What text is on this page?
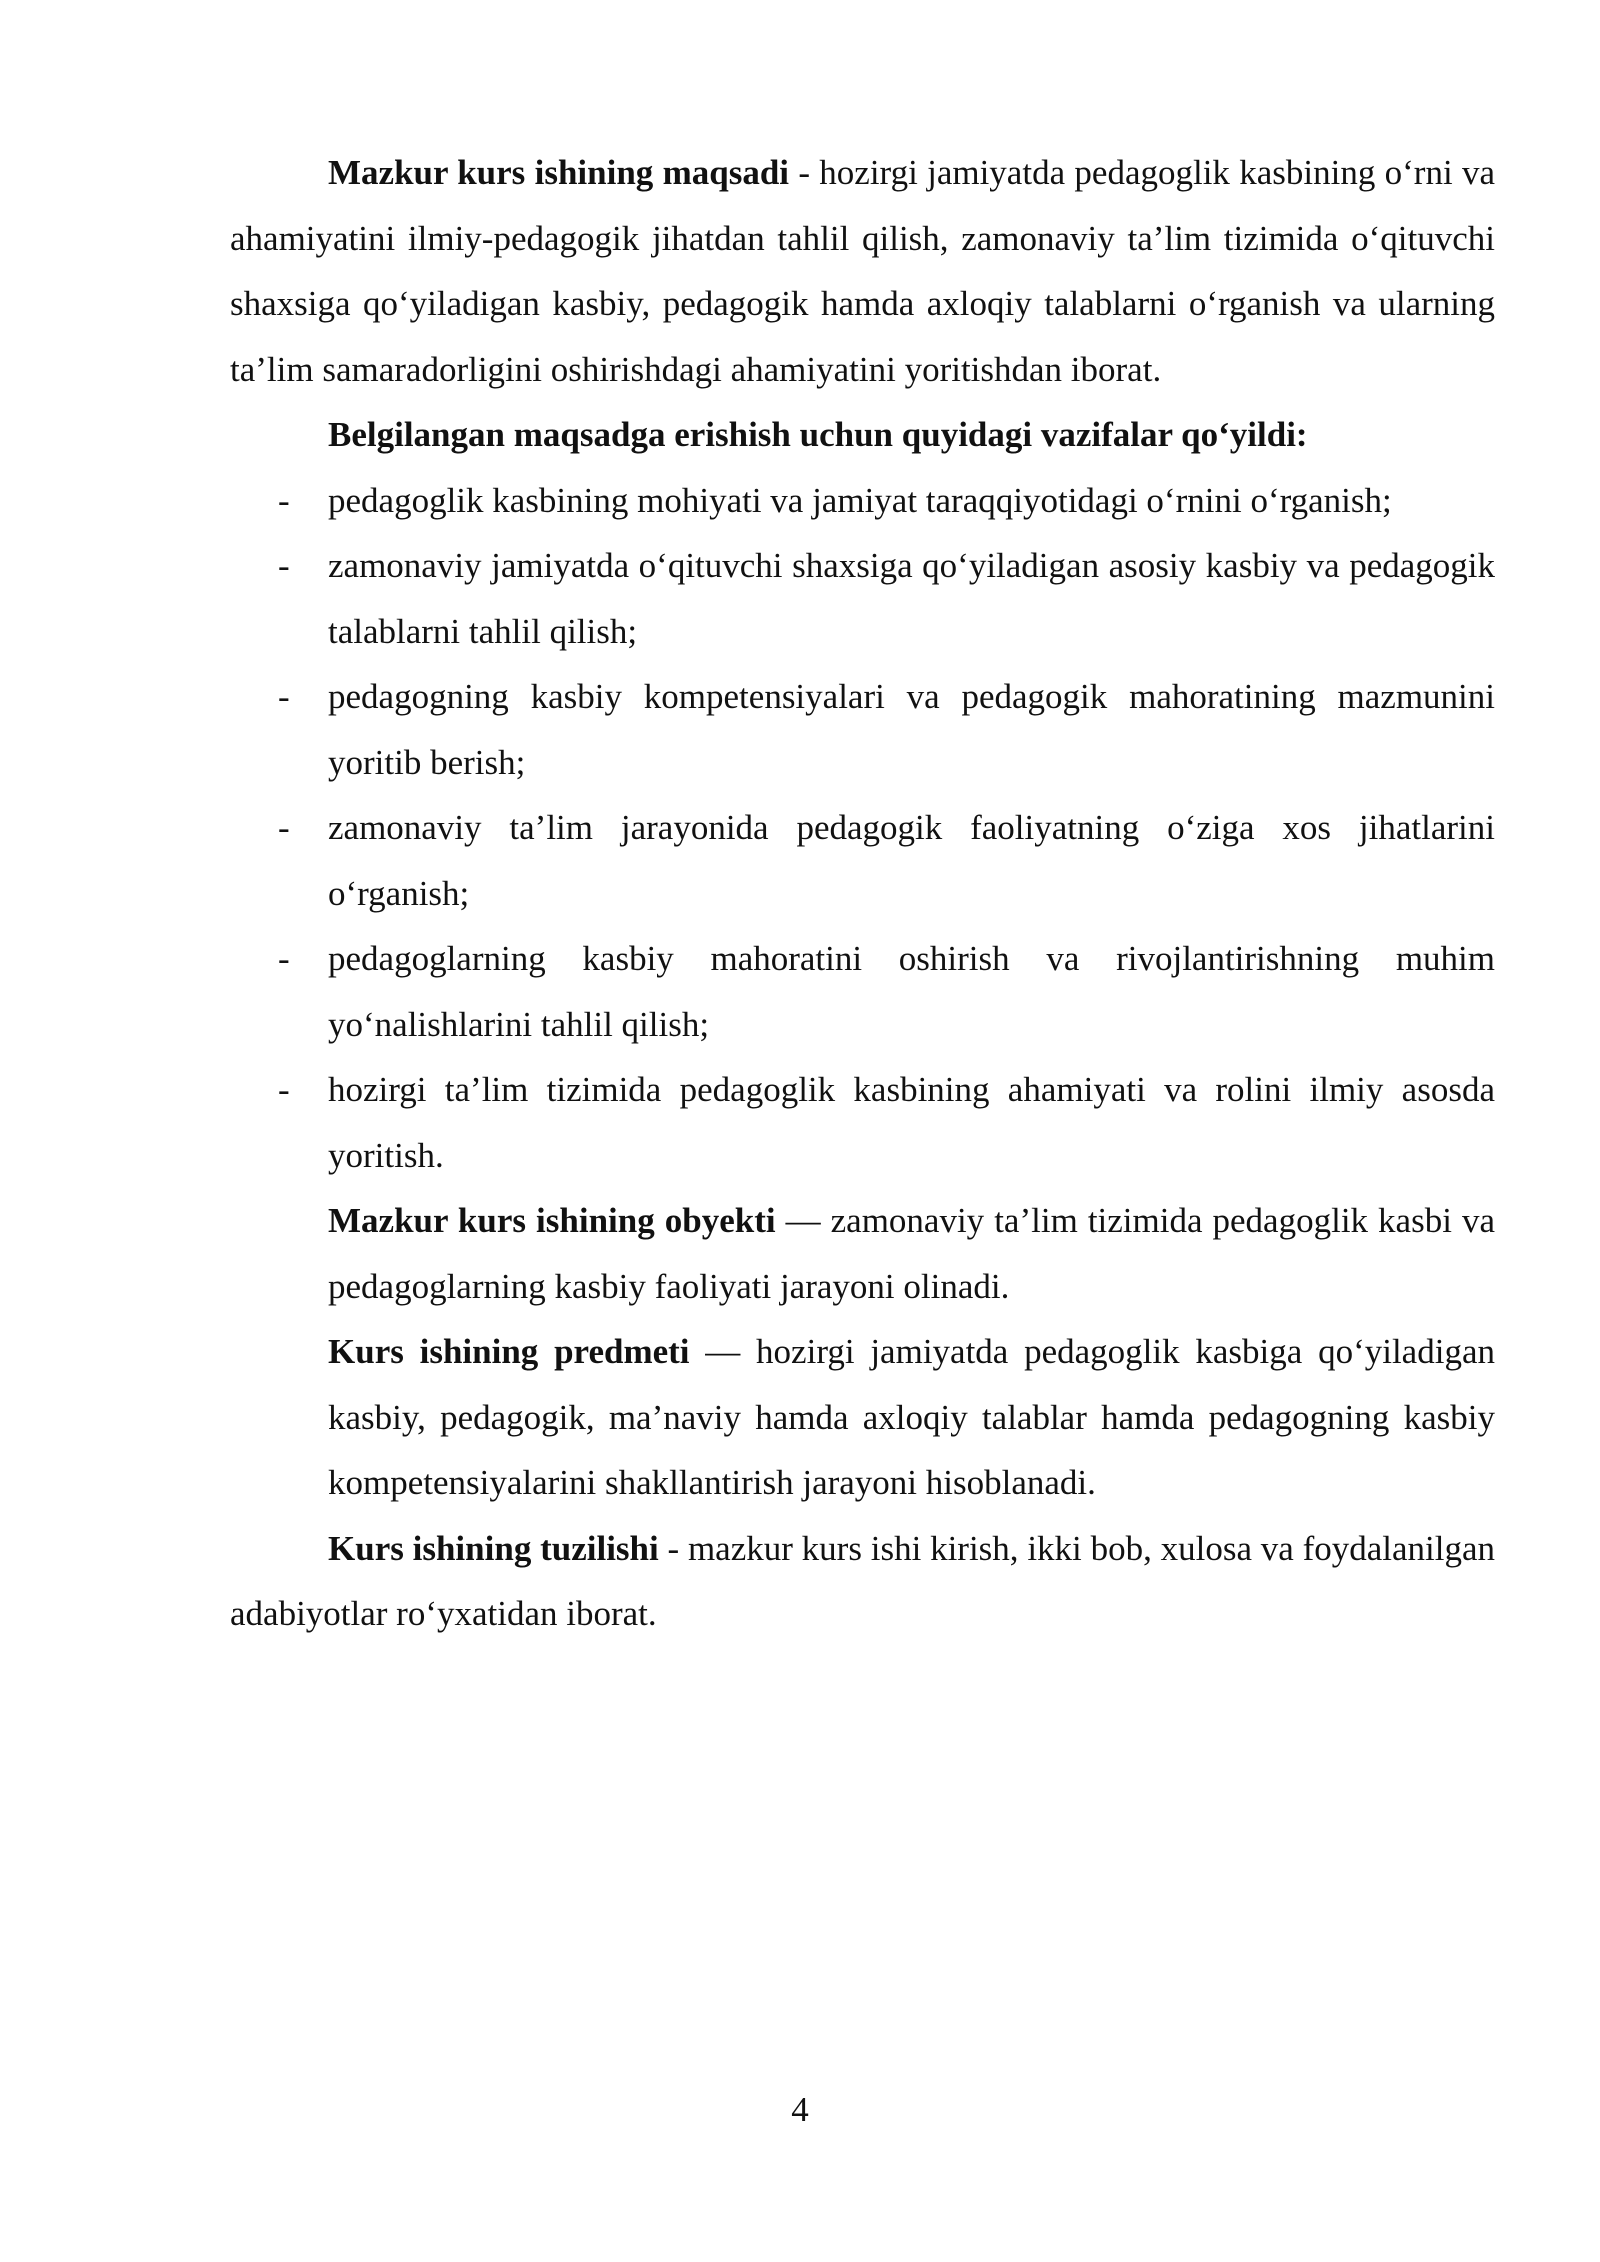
Mazkur kurs ishining maqsadi - hozirgi jamiyatda pedagoglik kasbining o‘rni va ahamiyatini ilmiy-pedagogik jihatdan tahlil qilish, zamonaviy ta’lim tizimida o‘qituvchi shaxsiga qo‘yiladigan kasbiy, pedagogik hamda axloqiy talablarni o‘rganish va ularning ta’lim samaradorligini oshirishdagi ahamiyatini yoritishdan iborat.

Belgilangan maqsadga erishish uchun quyidagi vazifalar qo‘yildi:

- pedagoglik kasbining mohiyati va jamiyat taraqqiyotidagi o‘rnini o‘rganish;
- zamonaviy jamiyatda o‘qituvchi shaxsiga qo‘yiladigan asosiy kasbiy va pedagogik talablarni tahlil qilish;
- pedagogning kasbiy kompetensiyalari va pedagogik mahoratining mazmunini yoritib berish;
- zamonaviy ta’lim jarayonida pedagogik faoliyatning o‘ziga xos jihatlarini o‘rganish;
- pedagoglarning kasbiy mahoratini oshirish va rivojlantirishning muhim yo‘nalishlarini tahlil qilish;
- hozirgi ta’lim tizimida pedagoglik kasbining ahamiyati va rolini ilmiy asosda yoritish.

Mazkur kurs ishining obyekti — zamonaviy ta’lim tizimida pedagoglik kasbi va pedagoglarning kasbiy faoliyati jarayoni olinadi.

Kurs ishining predmeti — hozirgi jamiyatda pedagoglik kasbiga qo‘yiladigan kasbiy, pedagogik, ma’naviy hamda axloqiy talablar hamda pedagogning kasbiy kompetensiyalarini shakllantirish jarayoni hisoblanadi.

Kurs ishining tuzilishi - mazkur kurs ishi kirish, ikki bob, xulosa va foydalanilgan adabiyotlar ro‘yxatidan iborat.

4
